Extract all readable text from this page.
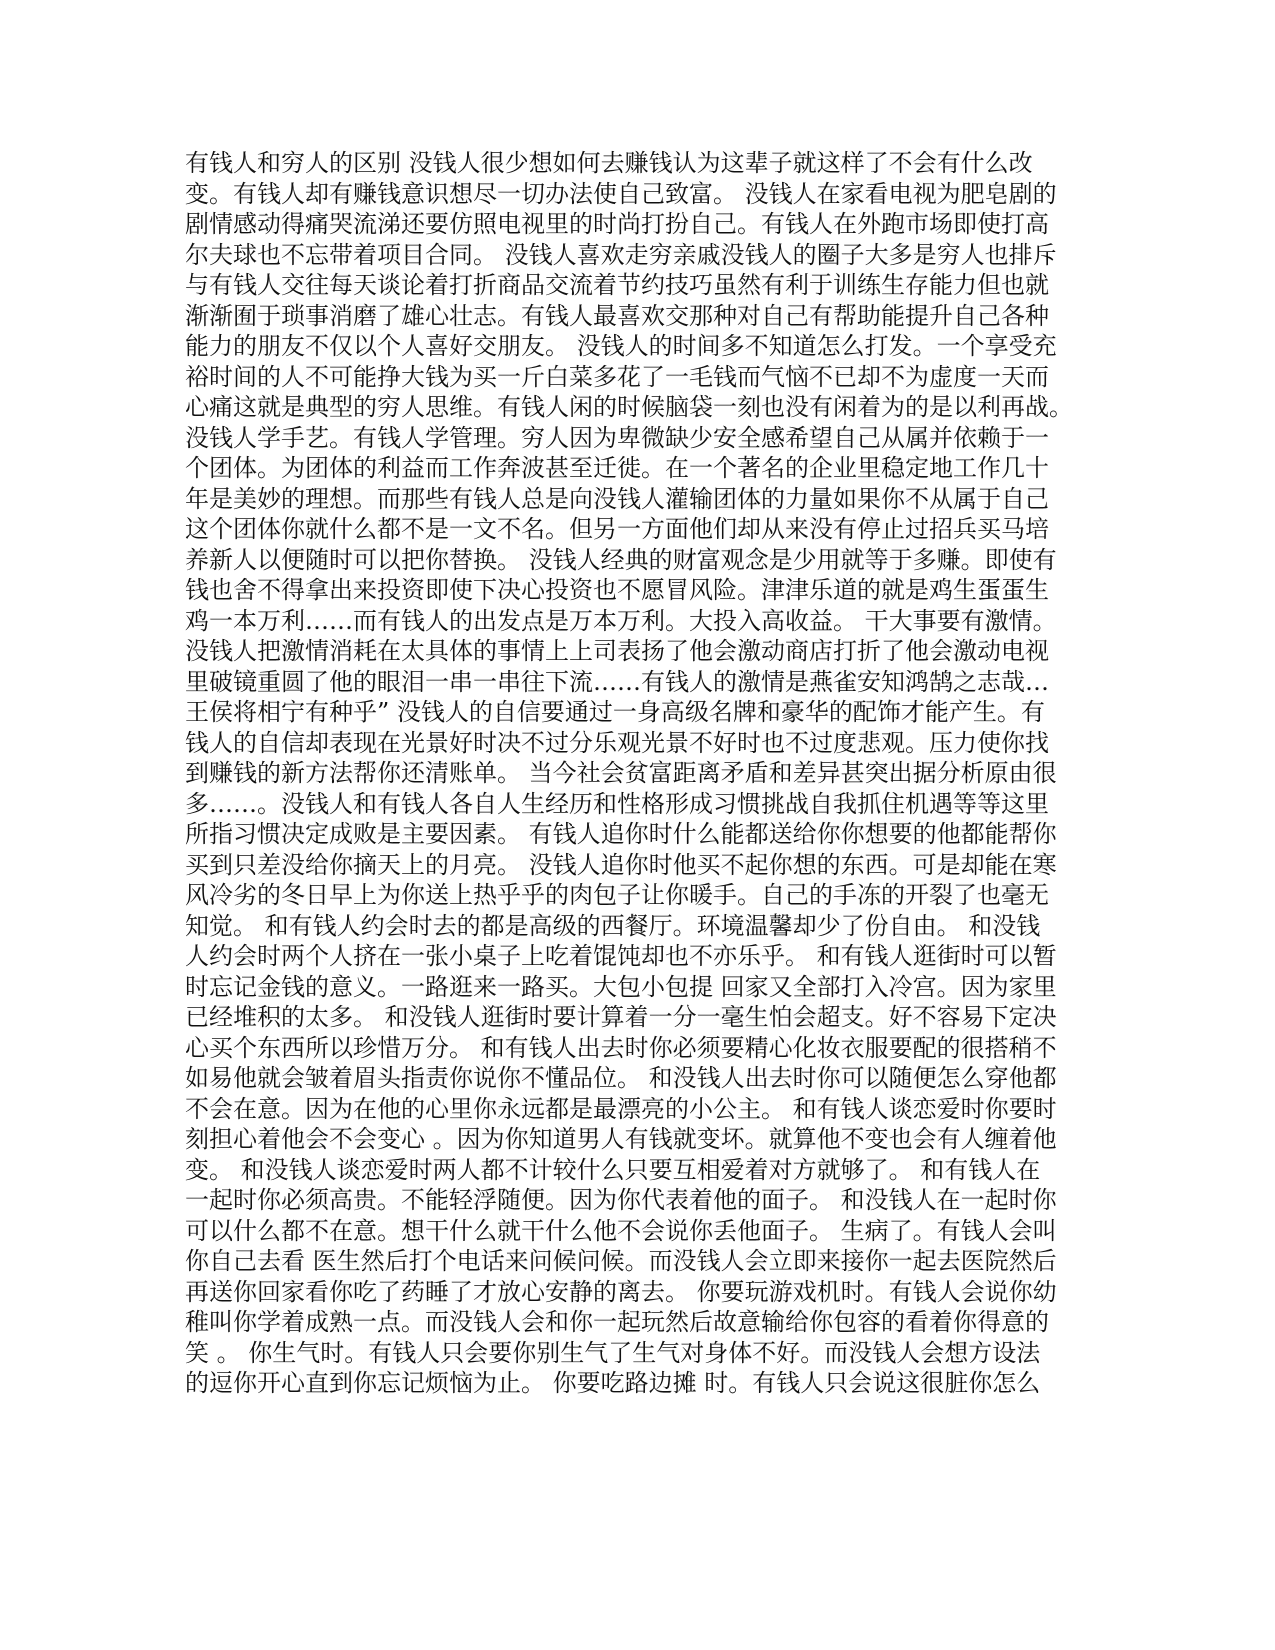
有钱人和穷人的区别 没钱人很少想如何去赚钱认为这辈子就这样了不会有什么改
变。有钱人却有赚钱意识想尽一切办法使自己致富。 没钱人在家看电视为肥皂剧的
剧情感动得痛哭流涕还要仿照电视里的时尚打扮自己。有钱人在外跑市场即使打高
尔夫球也不忘带着项目合同。 没钱人喜欢走穷亲戚没钱人的圈子大多是穷人也排斥
与有钱人交往每天谈论着打折商品交流着节约技巧虽然有利于训练生存能力但也就
渐渐囿于琐事消磨了雄心壮志。有钱人最喜欢交那种对自己有帮助能提升自己各种
能力的朋友不仅以个人喜好交朋友。 没钱人的时间多不知道怎么打发。一个享受充
裕时间的人不可能挣大钱为买一斤白菜多花了一毛钱而气恼不已却不为虚度一天而
心痛这就是典型的穷人思维。有钱人闲的时候脑袋一刻也没有闲着为的是以利再战。
没钱人学手艺。有钱人学管理。穷人因为卑微缺少安全感希望自己从属并依赖于一
个团体。为团体的利益而工作奔波甚至迁徙。在一个著名的企业里稳定地工作几十
年是美妙的理想。而那些有钱人总是向没钱人灌输团体的力量如果你不从属于自己
这个团体你就什么都不是一文不名。但另一方面他们却从来没有停止过招兵买马培
养新人以便随时可以把你替换。 没钱人经典的财富观念是少用就等于多赚。即使有
钱也舍不得拿出来投资即使下决心投资也不愿冒风险。津津乐道的就是鸡生蛋蛋生
鸡一本万利……而有钱人的出发点是万本万利。大投入高收益。 干大事要有激情。
没钱人把激情消耗在太具体的事情上上司表扬了他会激动商店打折了他会激动电视
里破镜重圆了他的眼泪一串一串往下流……有钱人的激情是燕雀安知鸿鹄之志哉…
王侯将相宁有种乎” 没钱人的自信要通过一身高级名牌和豪华的配饰才能产生。有
钱人的自信却表现在光景好时决不过分乐观光景不好时也不过度悲观。压力使你找
到赚钱的新方法帮你还清账单。 当今社会贫富距离矛盾和差异甚突出据分析原由很
多……。没钱人和有钱人各自人生经历和性格形成习惯挑战自我抓住机遇等等这里
所指习惯决定成败是主要因素。 有钱人追你时什么能都送给你你想要的他都能帮你
买到只差没给你摘天上的月亮。 没钱人追你时他买不起你想的东西。可是却能在寒
风冷劣的冬日早上为你送上热乎乎的肉包子让你暖手。自己的手冻的开裂了也毫无
知觉。 和有钱人约会时去的都是高级的西餐厅。环境温馨却少了份自由。 和没钱
人约会时两个人挤在一张小桌子上吃着馄饨却也不亦乐乎。 和有钱人逛街时可以暂
时忘记金钱的意义。一路逛来一路买。大包小包提 回家又全部打入冷宫。因为家里
已经堆积的太多。 和没钱人逛街时要计算着一分一毫生怕会超支。好不容易下定决
心买个东西所以珍惜万分。 和有钱人出去时你必须要精心化妆衣服要配的很搭稍不
如易他就会皱着眉头指责你说你不懂品位。 和没钱人出去时你可以随便怎么穿他都
不会在意。因为在他的心里你永远都是最漂亮的小公主。 和有钱人谈恋爱时你要时
刻担心着他会不会变心 。因为你知道男人有钱就变坏。就算他不变也会有人缠着他
变。 和没钱人谈恋爱时两人都不计较什么只要互相爱着对方就够了。 和有钱人在
一起时你必须高贵。不能轻浮随便。因为你代表着他的面子。 和没钱人在一起时你
可以什么都不在意。想干什么就干什么他不会说你丢他面子。 生病了。有钱人会叫
你自己去看 医生然后打个电话来问候问候。而没钱人会立即来接你一起去医院然后
再送你回家看你吃了药睡了才放心安静的离去。 你要玩游戏机时。有钱人会说你幼
稚叫你学着成熟一点。而没钱人会和你一起玩然后故意输给你包容的看着你得意的
笑 。 你生气时。有钱人只会要你别生气了生气对身体不好。而没钱人会想方设法
的逗你开心直到你忘记烦恼为止。 你要吃路边摊 时。有钱人只会说这很脏你怎么
